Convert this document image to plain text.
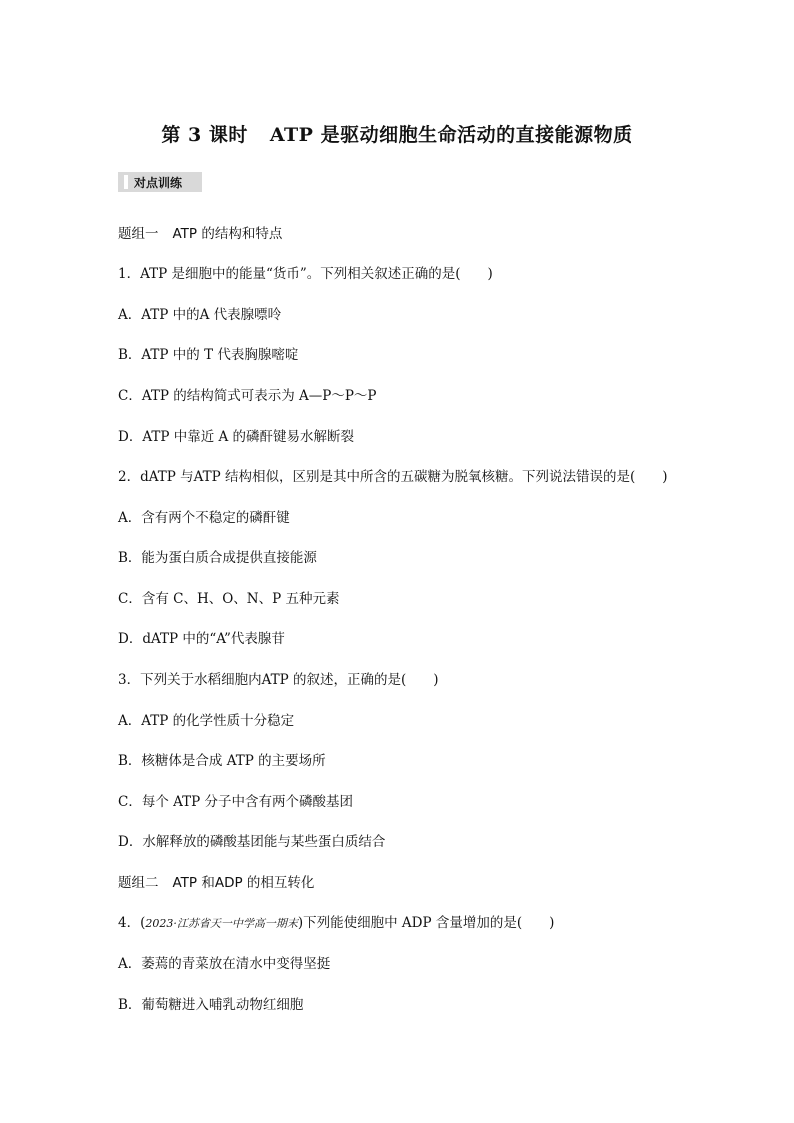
第 3 课时 ATP 是驱动细胞生命活动的直接能源物质
对点训练
题组一 ATP 的结构和特点
1．ATP 是细胞中的能量“货币”。下列相关叙述正确的是(　　)
A．ATP 中的A 代表腺嘌呤
B．ATP 中的 T 代表胸腺嘧啶
C．ATP 的结构简式可表示为 A—P～P～P
D．ATP 中靠近 A 的磷酐键易水解断裂
2．dATP 与ATP 结构相似，区别是其中所含的五碳糖为脱氧核糖。下列说法错误的是(　　)
A．含有两个不稳定的磷酐键
B．能为蛋白质合成提供直接能源
C．含有 C、H、O、N、P 五种元素
D．dATP 中的“A”代表腺苷
3．下列关于水稻细胞内ATP 的叙述，正确的是(　　)
A．ATP 的化学性质十分稳定
B．核糖体是合成 ATP 的主要场所
C．每个 ATP 分子中含有两个磷酸基团
D．水解释放的磷酸基团能与某些蛋白质结合
题组二 ATP 和ADP 的相互转化
4．(2023·江苏省天一中学高一期末)下列能使细胞中 ADP 含量增加的是(　　)
A．萎蔫的青菜放在清水中变得坚挺
B．葡萄糖进入哺乳动物红细胞
